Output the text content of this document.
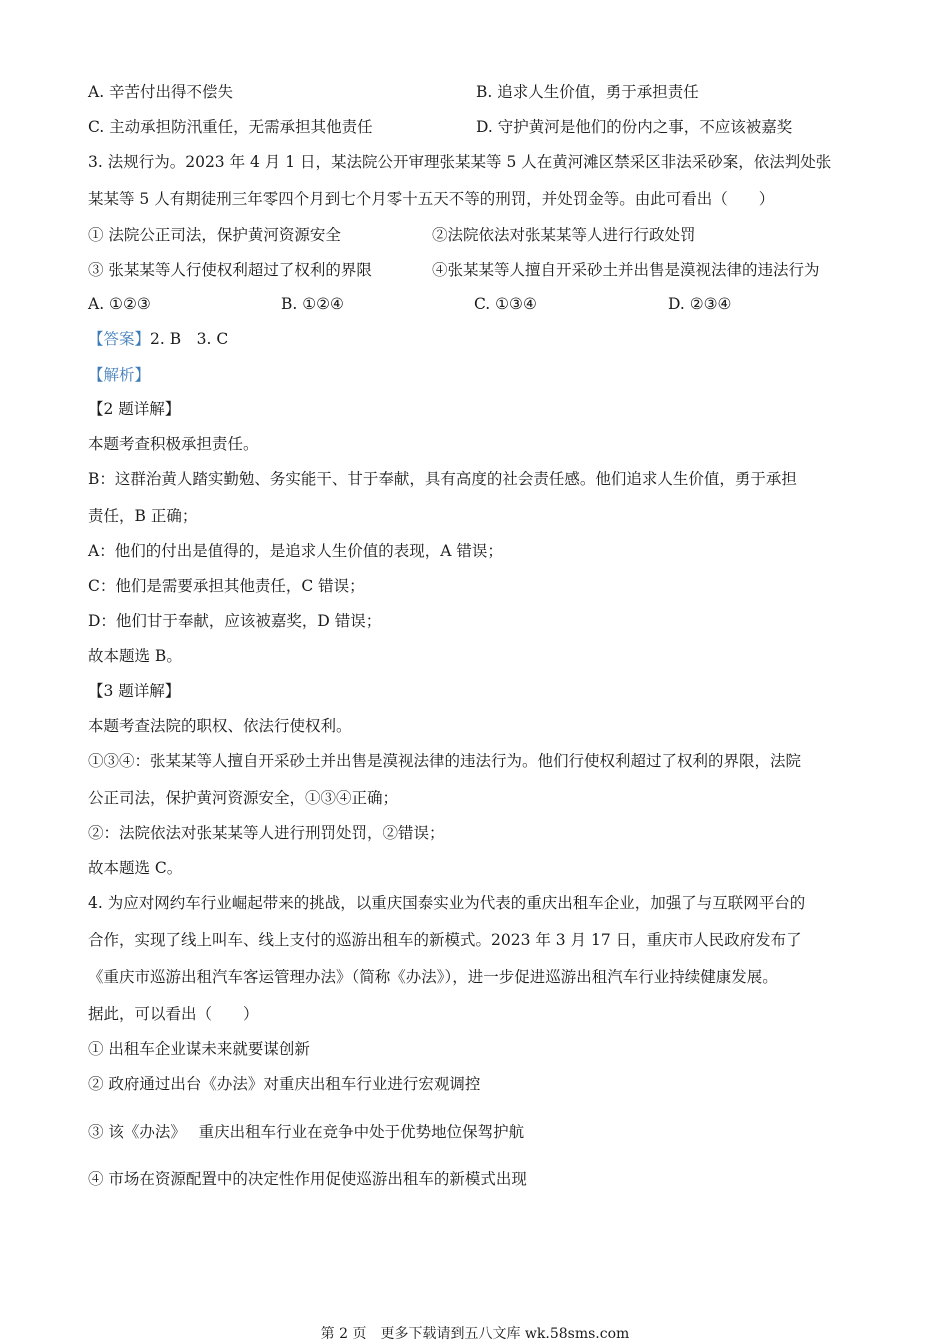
A. 辛苦付出得不偿失	B. 追求人生价值，勇于承担责任
C. 主动承担防汛重任，无需承担其他责任	D. 守护黄河是他们的份内之事，不应该被嘉奖
3. 法规行为。2023 年 4 月 1 日，某法院公开审理张某某等 5 人在黄河滩区禁采区非法采砂案，依法判处张
某某等 5 人有期徒刑三年零四个月到七个月零十五天不等的刑罚，并处罚金等。由此可看出（　　）
① 法院公正司法，保护黄河资源安全	②法院依法对张某某等人进行行政处罚
③ 张某某等人行使权利超过了权利的界限	④张某某等人擅自开采砂土并出售是漠视法律的违法行为
A. ①②③	B. ①②④	C. ①③④	D. ②③④
【答案】2. B　3. C
【解析】
【2 题详解】
本题考查积极承担责任。
B：这群治黄人踏实勤勉、务实能干、甘于奉献，具有高度的社会责任感。他们追求人生价值，勇于承担
责任，B 正确；
A：他们的付出是值得的，是追求人生价值的表现，A 错误；
C：他们是需要承担其他责任，C 错误；
D：他们甘于奉献，应该被嘉奖，D 错误；
故本题选 B。
【3 题详解】
本题考查法院的职权、依法行使权利。
①③④：张某某等人擅自开采砂土并出售是漠视法律的违法行为。他们行使权利超过了权利的界限，法院
公正司法，保护黄河资源安全，①③④正确；
②：法院依法对张某某等人进行刑罚处罚，②错误；
故本题选 C。
4. 为应对网约车行业崛起带来的挑战，以重庆国泰实业为代表的重庆出租车企业，加强了与互联网平台的
合作，实现了线上叫车、线上支付的巡游出租车的新模式。2023 年 3 月 17 日，重庆市人民政府发布了
《重庆市巡游出租汽车客运管理办法》（简称《办法》），进一步促进巡游出租汽车行业持续健康发展。
据此，可以看出（　　）
① 出租车企业谋未来就要谋创新
② 政府通过出台《办法》对重庆出租车行业进行宏观调控
③ 该《办法》　 重庆出租车行业在竞争中处于优势地位保驾护航
④ 市场在资源配置中的决定性作用促使巡游出租车的新模式出现
第 2 页　更多下载请到五八文库 wk.58sms.com
